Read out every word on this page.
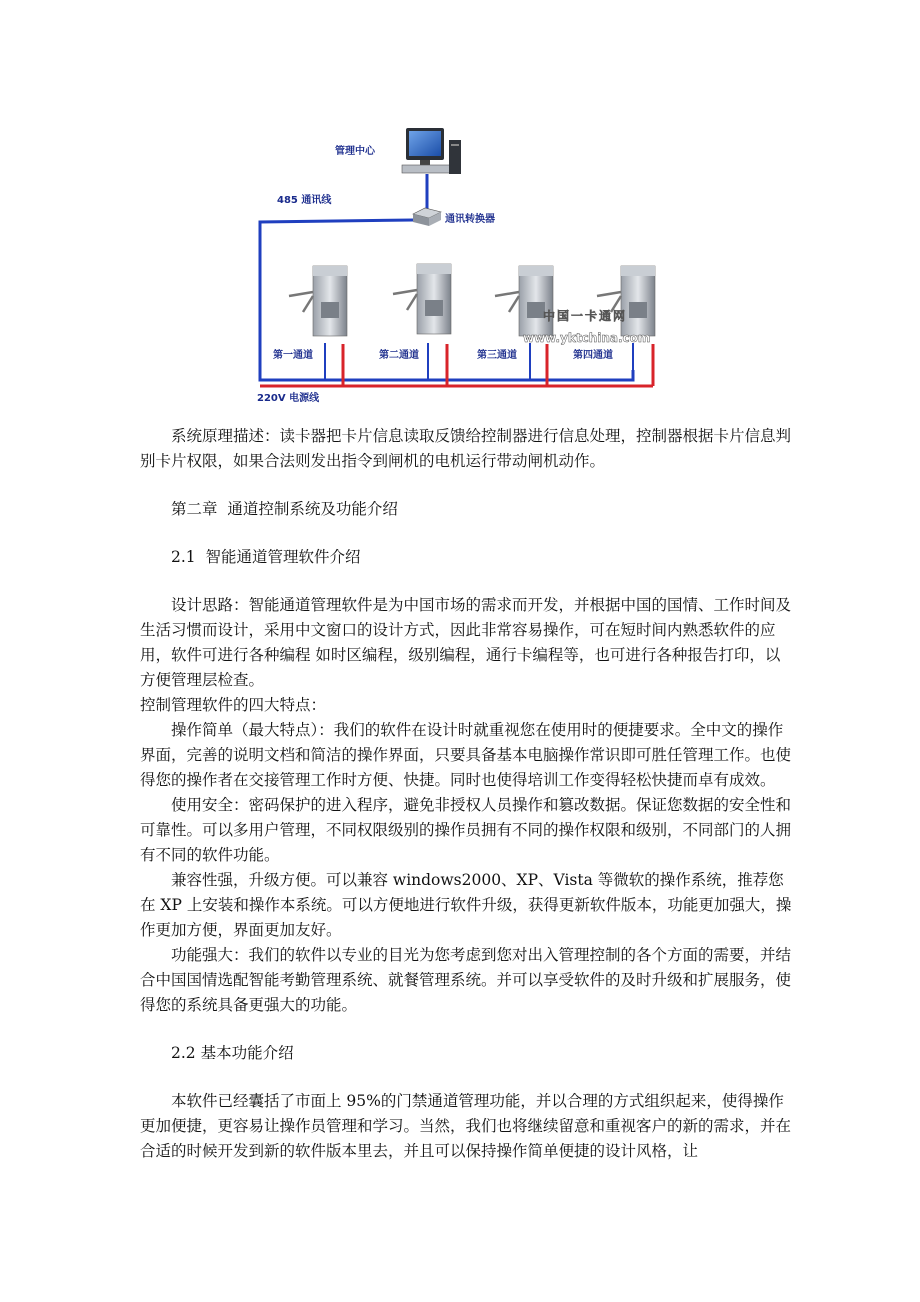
管理中心
通讯转换器
485 通讯线
220V 电源线
第一通道	第二通道	第三通道	第四通道
中国一卡通网
www.yktchina.com

系统原理描述：读卡器把卡片信息读取反馈给控制器进行信息处理，控制器根据卡片信息判别卡片权限，如果合法则发出指令到闸机的电机运行带动闸机动作。

第二章  通道控制系统及功能介绍

2.1  智能通道管理软件介绍

设计思路：智能通道管理软件是为中国市场的需求而开发，并根据中国的国情、工作时间及生活习惯而设计，采用中文窗口的设计方式，因此非常容易操作，可在短时间内熟悉软件的应用，软件可进行各种编程 如时区编程，级别编程，通行卡编程等，也可进行各种报告打印，以方便管理层检查。

控制管理软件的四大特点：

操作简单（最大特点）：我们的软件在设计时就重视您在使用时的便捷要求。全中文的操作界面，完善的说明文档和简洁的操作界面，只要具备基本电脑操作常识即可胜任管理工作。也使得您的操作者在交接管理工作时方便、快捷。同时也使得培训工作变得轻松快捷而卓有成效。

使用安全：密码保护的进入程序，避免非授权人员操作和篡改数据。保证您数据的安全性和可靠性。可以多用户管理，不同权限级别的操作员拥有不同的操作权限和级别，不同部门的人拥有不同的软件功能。

兼容性强，升级方便。可以兼容 windows2000、XP、Vista 等微软的操作系统，推荐您在 XP 上安装和操作本系统。可以方便地进行软件升级，获得更新软件版本，功能更加强大，操作更加方便，界面更加友好。

功能强大：我们的软件以专业的目光为您考虑到您对出入管理控制的各个方面的需要，并结合中国国情选配智能考勤管理系统、就餐管理系统。并可以享受软件的及时升级和扩展服务，使得您的系统具备更强大的功能。

2.2 基本功能介绍

本软件已经囊括了市面上 95%的门禁通道管理功能，并以合理的方式组织起来，使得操作更加便捷，更容易让操作员管理和学习。当然，我们也将继续留意和重视客户的新的需求，并在合适的时候开发到新的软件版本里去，并且可以保持操作简单便捷的设计风格，让
